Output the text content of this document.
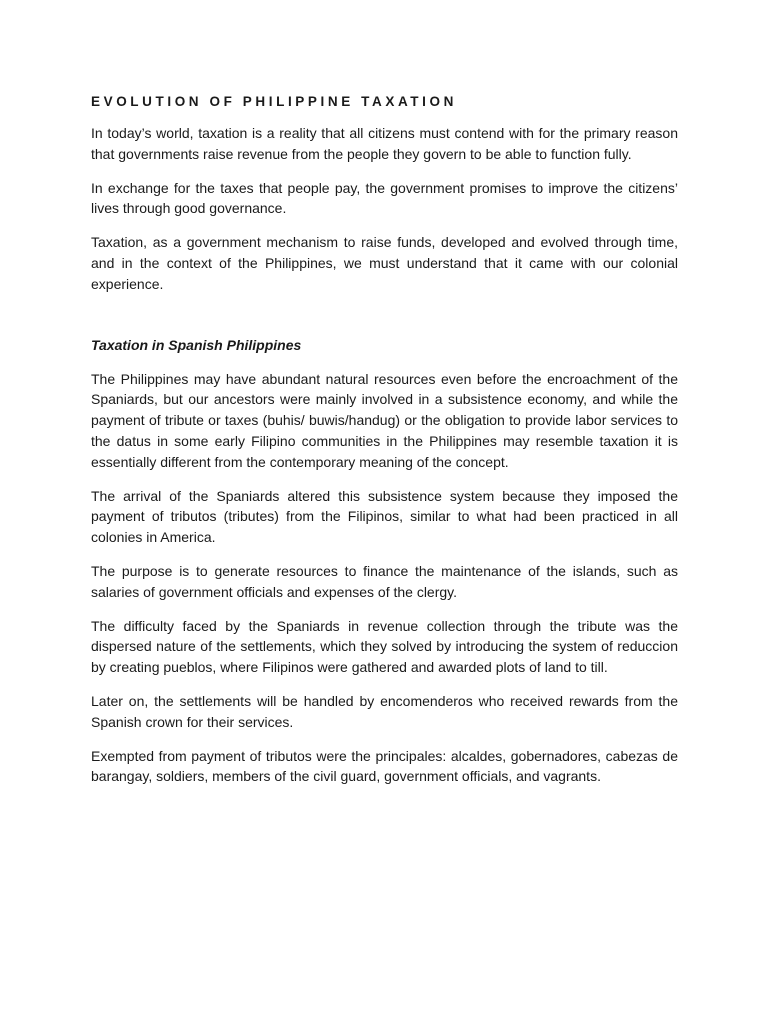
EVOLUTION OF PHILIPPINE TAXATION

In today’s world, taxation is a reality that all citizens must contend with for the primary reason that governments raise revenue from the people they govern to be able to function fully.

In exchange for the taxes that people pay, the government promises to improve the citizens’ lives through good governance.

Taxation, as a government mechanism to raise funds, developed and evolved through time, and in the context of the Philippines, we must understand that it came with our colonial experience.

Taxation in Spanish Philippines

The Philippines may have abundant natural resources even before the encroachment of the Spaniards, but our ancestors were mainly involved in a subsistence economy, and while the payment of tribute or taxes (buhis/ buwis/handug) or the obligation to provide labor services to the datus in some early Filipino communities in the Philippines may resemble taxation it is essentially different from the contemporary meaning of the concept.

The arrival of the Spaniards altered this subsistence system because they imposed the payment of tributos (tributes) from the Filipinos, similar to what had been practiced in all colonies in America.

The purpose is to generate resources to finance the maintenance of the islands, such as salaries of government officials and expenses of the clergy.

The difficulty faced by the Spaniards in revenue collection through the tribute was the dispersed nature of the settlements, which they solved by introducing the system of reduccion by creating pueblos, where Filipinos were gathered and awarded plots of land to till.

Later on, the settlements will be handled by encomenderos who received rewards from the Spanish crown for their services.

Exempted from payment of tributos were the principales: alcaldes, gobernadores, cabezas de barangay, soldiers, members of the civil guard, government officials, and vagrants.
